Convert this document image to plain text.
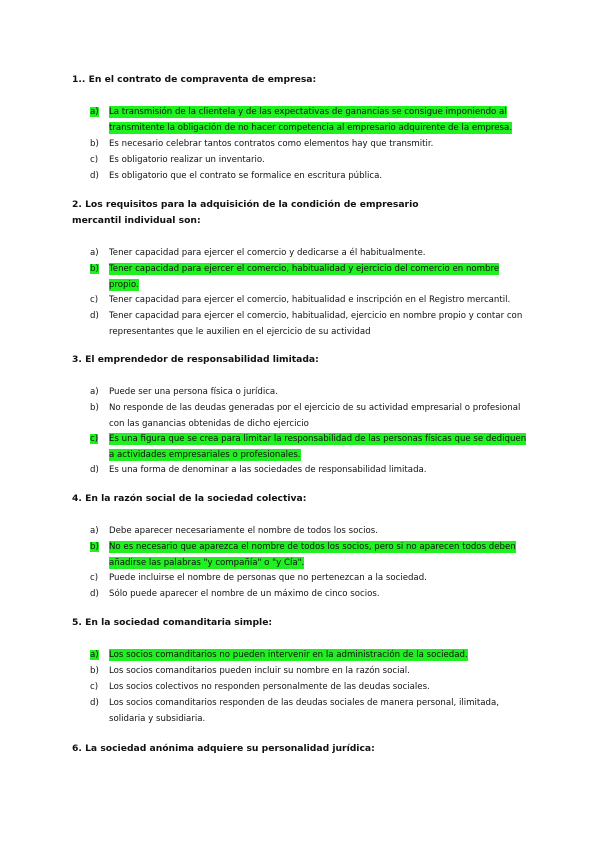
1.. En el contrato de compraventa de empresa:
a)	La transmisión de la clientela y de las expectativas de ganancias se consigue imponiendo al transmitente la obligación de no hacer competencia al empresario adquirente de la empresa.
b)	Es necesario celebrar tantos contratos como elementos hay que transmitir.
c)	Es obligatorio realizar un inventario.
d)	Es obligatorio que el contrato se formalice en escritura pública.
2. Los requisitos para la adquisición de la condición de empresario mercantil individual son:
a)	Tener capacidad para ejercer el comercio y dedicarse a él habitualmente.
b)	Tener capacidad para ejercer el comercio, habitualidad y ejercicio del comercio en nombre propio.
c)	Tener capacidad para ejercer el comercio, habitualidad e inscripción en el Registro mercantil.
d)	Tener capacidad para ejercer el comercio, habitualidad, ejercicio en nombre propio y contar con representantes que le auxilien en el ejercicio de su actividad
3. El emprendedor de responsabilidad limitada:
a)	Puede ser una persona física o jurídica.
b)	No responde de las deudas generadas por el ejercicio de su actividad empresarial o profesional con las ganancias obtenidas de dicho ejercicio
c)	Es una figura que se crea para limitar la responsabilidad de las personas físicas que se dediquen a actividades empresariales o profesionales.
d)	Es una forma de denominar a las sociedades de responsabilidad limitada.
4. En la razón social de la sociedad colectiva:
a)	Debe aparecer necesariamente el nombre de todos los socios.
b)	No es necesario que aparezca el nombre de todos los socios, pero si no aparecen todos deben añadirse las palabras "y compañía" o "y Cía".
c)	Puede incluirse el nombre de personas que no pertenezcan a la sociedad.
d)	Sólo puede aparecer el nombre de un máximo de cinco socios.
5. En la sociedad comanditaria simple:
a)	Los socios comanditarios no pueden intervenir en la administración de la sociedad.
b)	Los socios comanditarios pueden incluir su nombre en la razón social.
c)	Los socios colectivos no responden personalmente de las deudas sociales.
d)	Los socios comanditarios responden de las deudas sociales de manera personal, ilimitada, solidaria y subsidiaria.
6. La sociedad anónima adquiere su personalidad jurídica:
